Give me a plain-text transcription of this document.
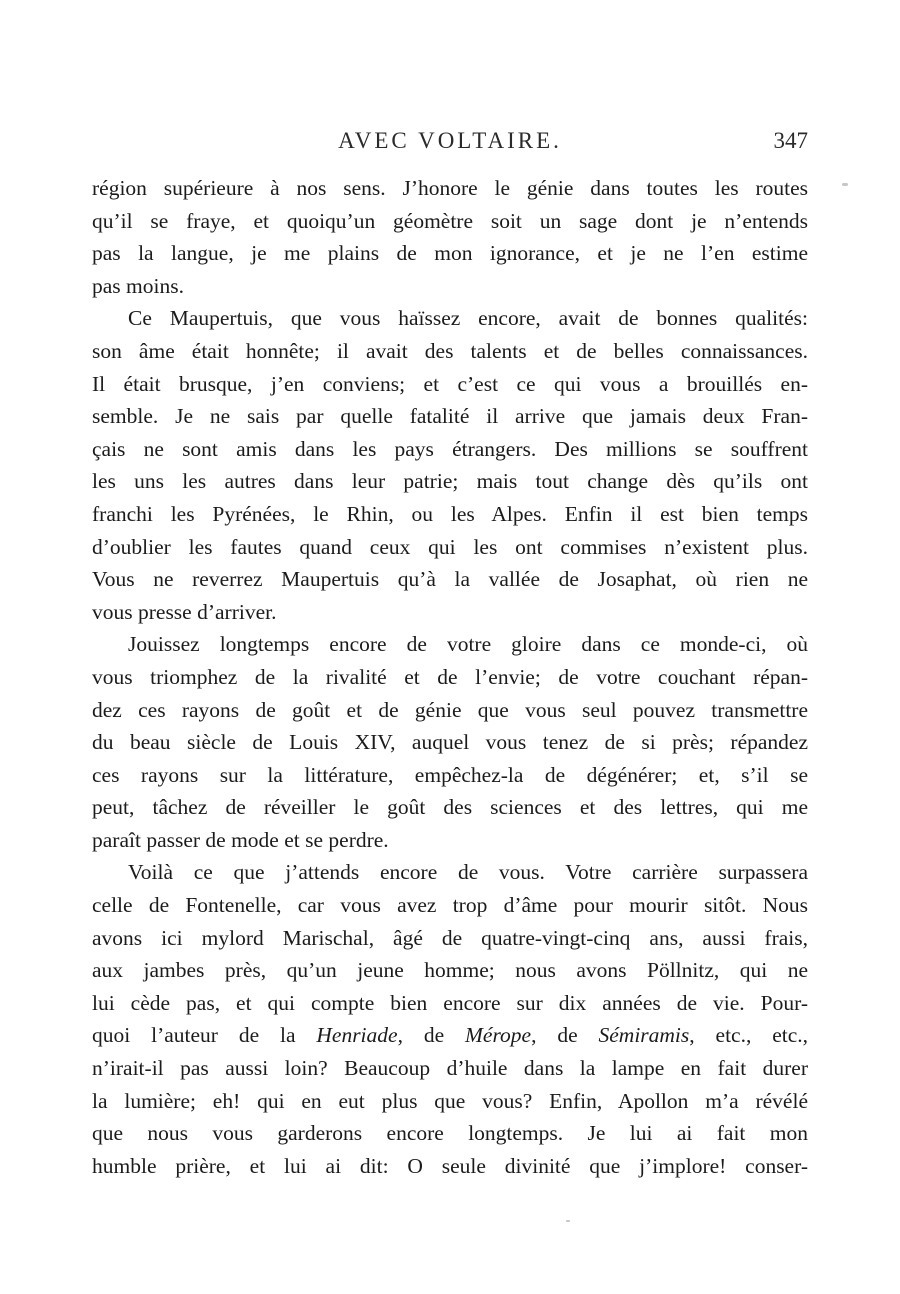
AVEC VOLTAIRE.	347
région supérieure à nos sens. J’honore le génie dans toutes les routes
qu’il se fraye, et quoiqu’un géomètre soit un sage dont je n’entends
pas la langue, je me plains de mon ignorance, et je ne l’en estime
pas moins.
Ce Maupertuis, que vous haïssez encore, avait de bonnes qualités:
son âme était honnête; il avait des talents et de belles connaissances.
Il était brusque, j’en conviens; et c’est ce qui vous a brouillés en-
semble. Je ne sais par quelle fatalité il arrive que jamais deux Fran-
çais ne sont amis dans les pays étrangers. Des millions se souffrent
les uns les autres dans leur patrie; mais tout change dès qu’ils ont
franchi les Pyrénées, le Rhin, ou les Alpes. Enfin il est bien temps
d’oublier les fautes quand ceux qui les ont commises n’existent plus.
Vous ne reverrez Maupertuis qu’à la vallée de Josaphat, où rien ne
vous presse d’arriver.
Jouissez longtemps encore de votre gloire dans ce monde-ci, où
vous triomphez de la rivalité et de l’envie; de votre couchant répan-
dez ces rayons de goût et de génie que vous seul pouvez transmettre
du beau siècle de Louis XIV, auquel vous tenez de si près; répandez
ces rayons sur la littérature, empêchez-la de dégénérer; et, s’il se
peut, tâchez de réveiller le goût des sciences et des lettres, qui me
paraît passer de mode et se perdre.
Voilà ce que j’attends encore de vous. Votre carrière surpassera
celle de Fontenelle, car vous avez trop d’âme pour mourir sitôt. Nous
avons ici mylord Marischal, âgé de quatre-vingt-cinq ans, aussi frais,
aux jambes près, qu’un jeune homme; nous avons Pöllnitz, qui ne
lui cède pas, et qui compte bien encore sur dix années de vie. Pour-
quoi l’auteur de la Henriade, de Mérope, de Sémiramis, etc., etc.,
n’irait-il pas aussi loin? Beaucoup d’huile dans la lampe en fait durer
la lumière; eh! qui en eut plus que vous? Enfin, Apollon m’a révélé
que nous vous garderons encore longtemps. Je lui ai fait mon
humble prière, et lui ai dit: O seule divinité que j’implore! conser-
